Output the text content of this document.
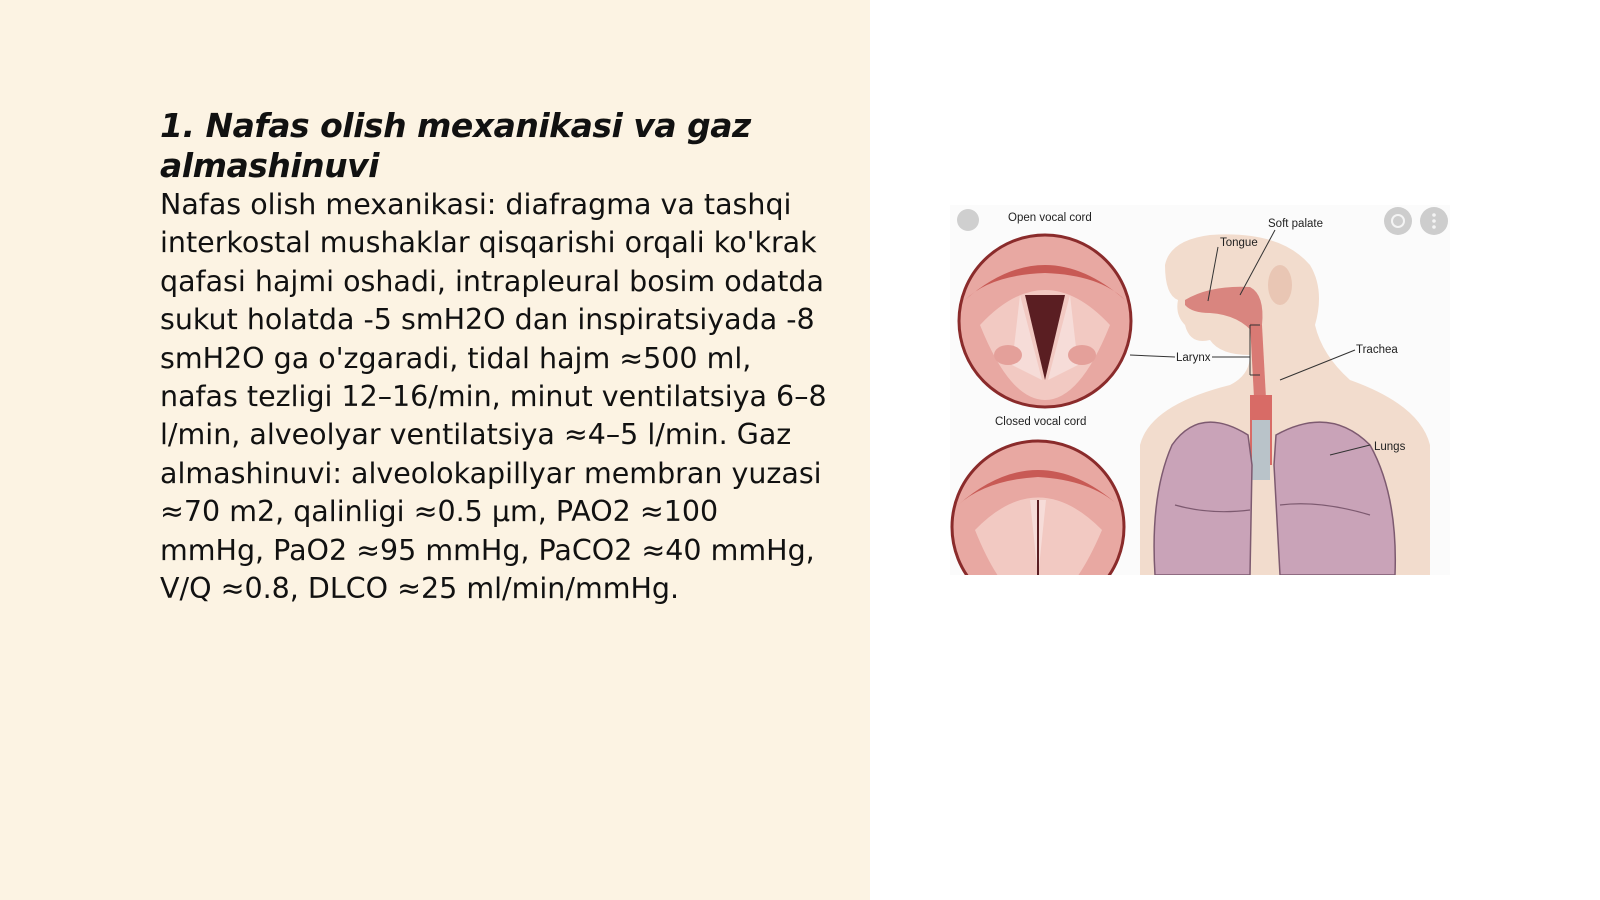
1. Nafas olish mexanikasi va gaz almashinuvi

Nafas olish mexanikasi: diafragma va tashqi interkostal mushaklar qisqarishi orqali ko'krak qafasi hajmi oshadi, intrapleural bosim odatda sukut holatda -5 smH2O dan inspiratsiyada -8 smH2O ga o'zgaradi, tidal hajm ≈500 ml, nafas tezligi 12–16/min, minut ventilatsiya 6–8 l/min, alveolyar ventilatsiya ≈4–5 l/min. Gaz almashinuvi: alveolokapillyar membran yuzasi ≈70 m2, qalinligi ≈0.5 µm, PAO2 ≈100 mmHg, PaO2 ≈95 mmHg, PaCO2 ≈40 mmHg, V/Q ≈0.8, DLCO ≈25 ml/min/mmHg.

Open vocal cord
Closed vocal cord
Soft palate
Tongue
Larynx
Trachea
Lungs
